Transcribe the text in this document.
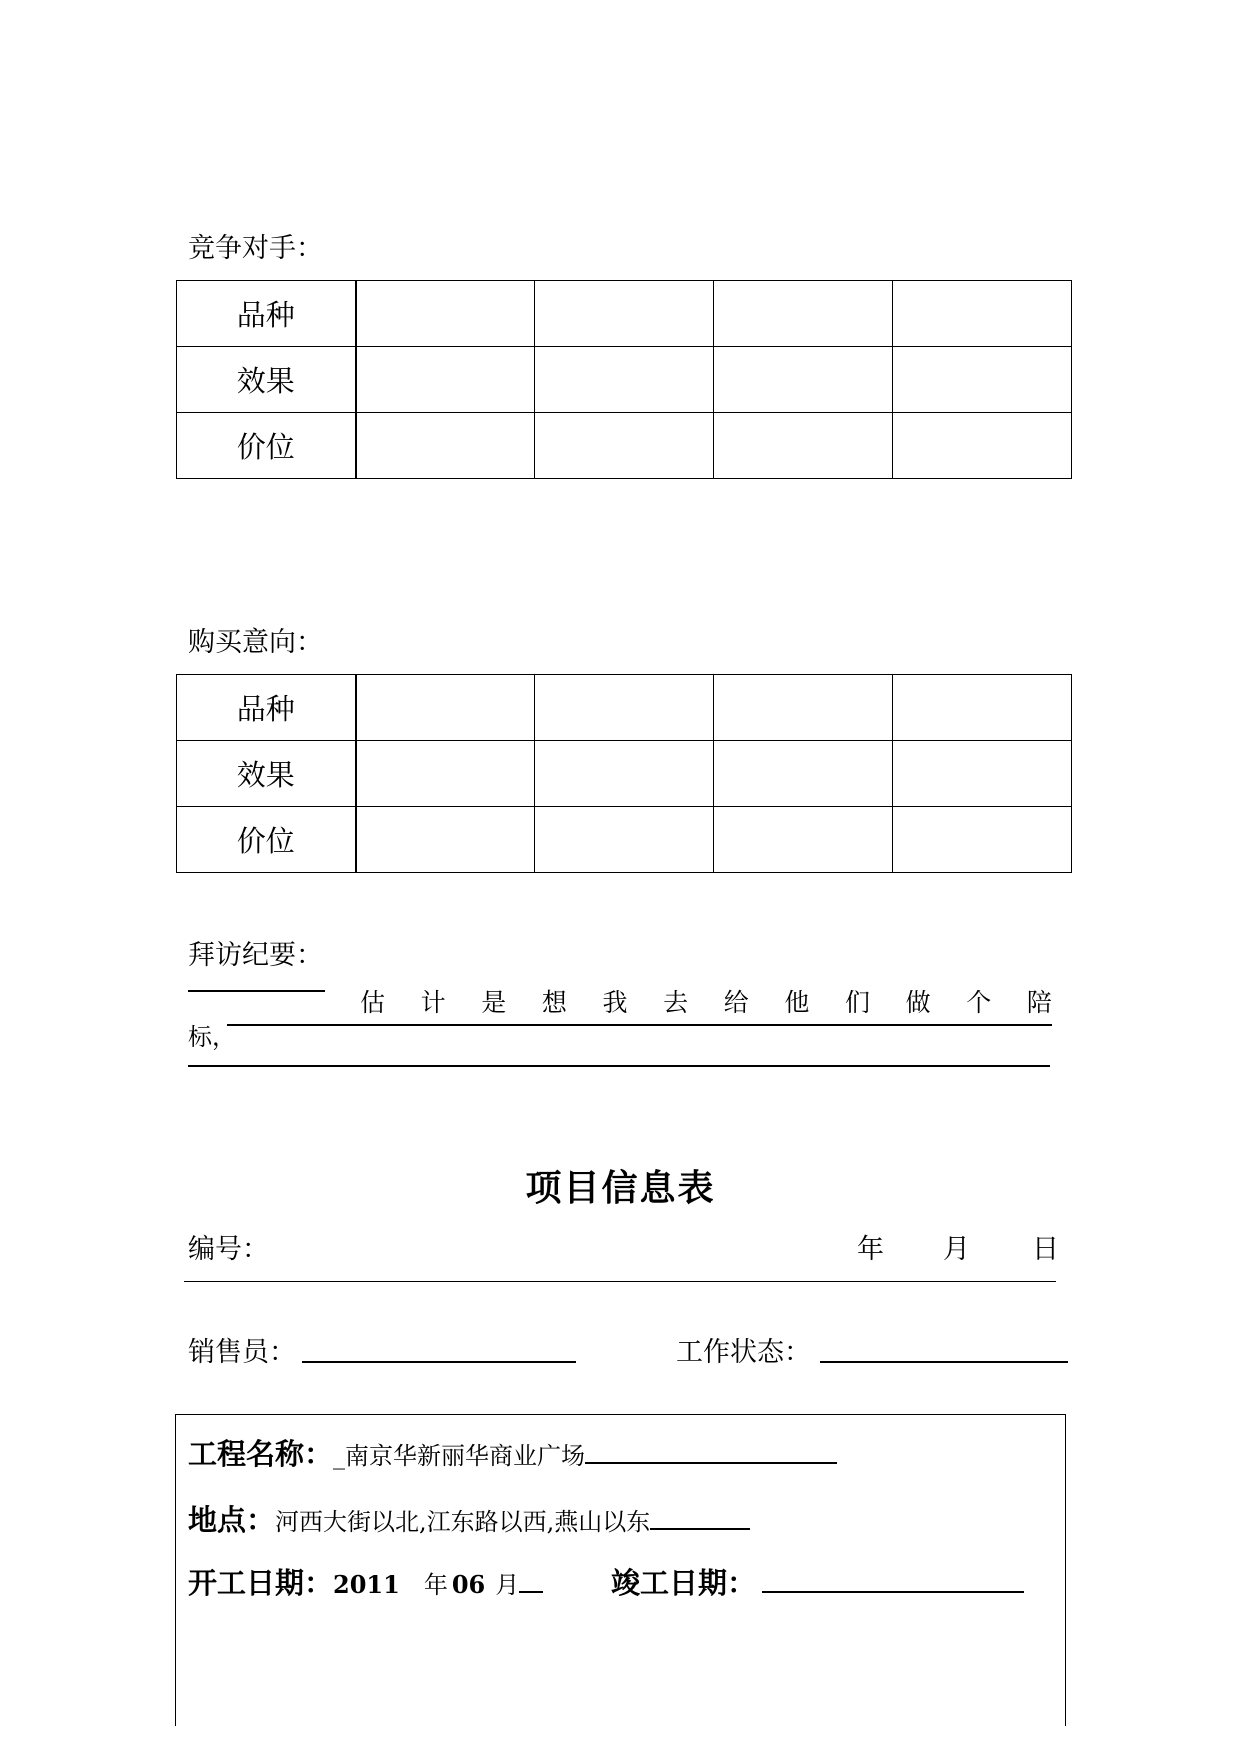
竞争对手：
品种				
效果				
价位				
购买意向：
品种				
效果				
价位				
拜访纪要：
估 计 是 想 我 去 给 他 们 做 个 陪
标，
项目信息表
编号：	年 月 日
销售员：	工作状态：
工程名称：_南京华新丽华商业广场
地点：河西大街以北,江东路以西,燕山以东
开工日期：2011 年 06 月	竣工日期：
